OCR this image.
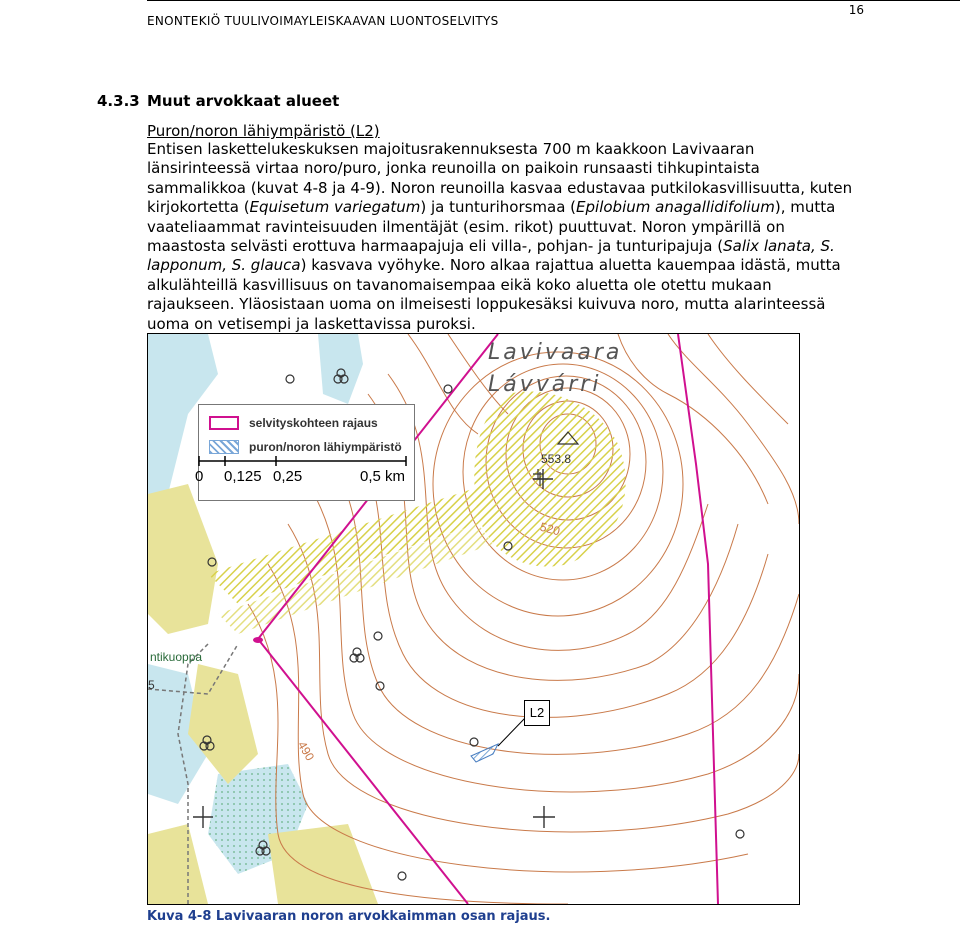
ENONTEKIÖ TUULIVOIMAYLEISKAAVAN LUONTOSELVITYS
16
4.3.3 Muut arvokkaat alueet
Puron/noron lähiympäristö (L2)

Entisen laskettelukeskuksen majoitusrakennuksesta 700 m kaakkoon Lavivaaran länsirinteessä virtaa noro/puro, jonka reunoilla on paikoin runsaasti tihkupintaista sammalikkoa (kuvat 4-8 ja 4-9). Noron reunoilla kasvaa edustavaa putkilokasvillisuutta, kuten kirjokortetta (Equisetum variegatum) ja tunturihorsmaa (Epilobium anagallidifolium), mutta vaateliaammat ravinteisuuden ilmentäjät (esim. rikot) puuttuvat. Noron ympärillä on maastosta selvästi erottuva harmaapajuja eli villa-, pohjan- ja tunturipajuja (Salix lanata, S. lapponum, S. glauca) kasvava vyöhyke. Noro alkaa rajattua aluetta kauempaa idästä, mutta alkulähteillä kasvillisuus on tavanomaisempaa eikä koko aluetta ole otettu mukaan rajaukseen. Yläosistaan uoma on ilmeisesti loppukesäksi kuivuva noro, mutta alarinteessä uoma on vetisempi ja laskettavissa puroksi.

Lavivaara
Lávvárri
553.8
520
490
ntikuoppa
5
selvityskohteen rajaus
puron/noron lähiympäristö
0 0,125 0,25	0,5 km
L2
Kuva 4-8 Lavivaaran noron arvokkaimman osan rajaus.
